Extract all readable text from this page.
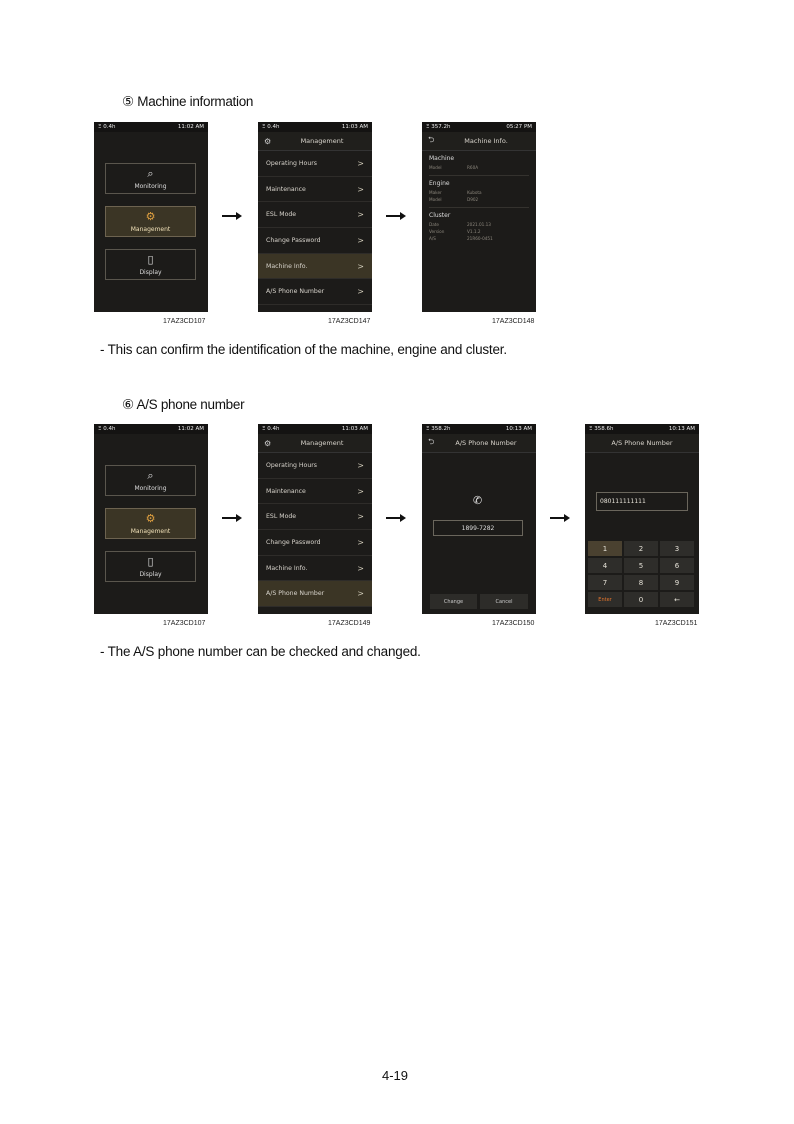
⑤ Machine information
Ξ 0.4h	11:02 AM
⌕
Monitoring
⚙
Management
▯
Display
Ξ 0.4h	11:03 AM
⚙	Management
Operating Hours	>
Maintenance	>
ESL Mode	>
Change Password	>
Machine Info.	>
A/S Phone Number	>
Ξ 357.2h	05:27 PM
⮌	Machine Info.
Machine
Model	R60A
Engine
Maker	Kubota
Model	D902
Cluster
Date	2021.01.13
Version	V1.1.2
A/S	21R60-0451
17AZ3CD107	17AZ3CD147	17AZ3CD148
- This can confirm the identification of the machine, engine and cluster.
⑥ A/S phone number
Ξ 0.4h	11:02 AM
⌕
Monitoring
⚙
Management
▯
Display
Ξ 0.4h	11:03 AM
⚙	Management
Operating Hours	>
Maintenance	>
ESL Mode	>
Change Password	>
Machine Info.	>
A/S Phone Number	>
Ξ 358.2h	10:13 AM
⮌	A/S Phone Number
✆
1899-7282
Change	Cancel
Ξ 358.6h	10:13 AM
A/S Phone Number
080111111111
1	2	3
4	5	6
7	8	9
Enter	0	←
17AZ3CD107	17AZ3CD149	17AZ3CD150	17AZ3CD151
- The A/S phone number can be checked and changed.
4-19
